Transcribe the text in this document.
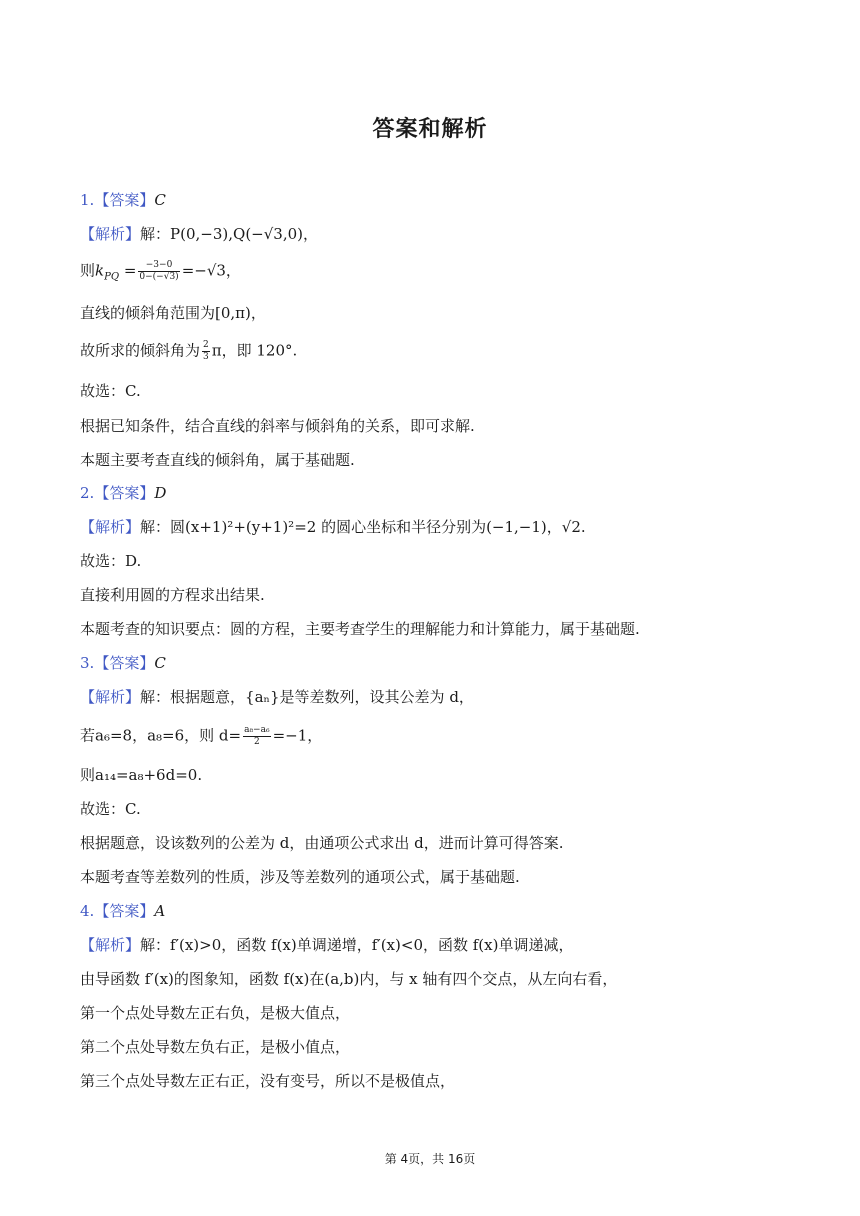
答案和解析
1.【答案】C
【解析】解：P(0,−3),Q(−√3,0)，
则$k_{PQ} = \frac{-3-0}{0-(-√3)} =-√3$，
直线的倾斜角范围为[0,π)，
故所求的倾斜角为 $\frac{2}{3}$ π，即 120°.
故选：C.
根据已知条件，结合直线的斜率与倾斜角的关系，即可求解.
本题主要考查直线的倾斜角，属于基础题.
2.【答案】D
【解析】解：圆(x+1)²+(y+1)²=2 的圆心坐标和半径分别为(−1,−1)，√2.
故选：D.
直接利用圆的方程求出结果.
本题考查的知识要点：圆的方程，主要考查学生的理解能力和计算能力，属于基础题.
3.【答案】C
【解析】解：根据题意，{aₙ}是等差数列，设其公差为 d，
若a₆=8，a₈=6，则 $d= \frac{\text{a₈−a₆}}{2} =-1$，
则a₁₄=a₈+6d=0.
故选：C.
根据题意，设该数列的公差为 d，由通项公式求出 d，进而计算可得答案.
本题考查等差数列的性质，涉及等差数列的通项公式，属于基础题.
4.【答案】A
【解析】解：f′(x)>0，函数 f(x)单调递增，f′(x)<0，函数 f(x)单调递减，
由导函数 f′(x)的图象知，函数 f(x)在(a,b)内，与 x 轴有四个交点，从左向右看，
第一个点处导数左正右负，是极大值点，
第二个点处导数左负右正，是极小值点，
第三个点处导数左正右正，没有变号，所以不是极值点，
第 4页，共 16页
